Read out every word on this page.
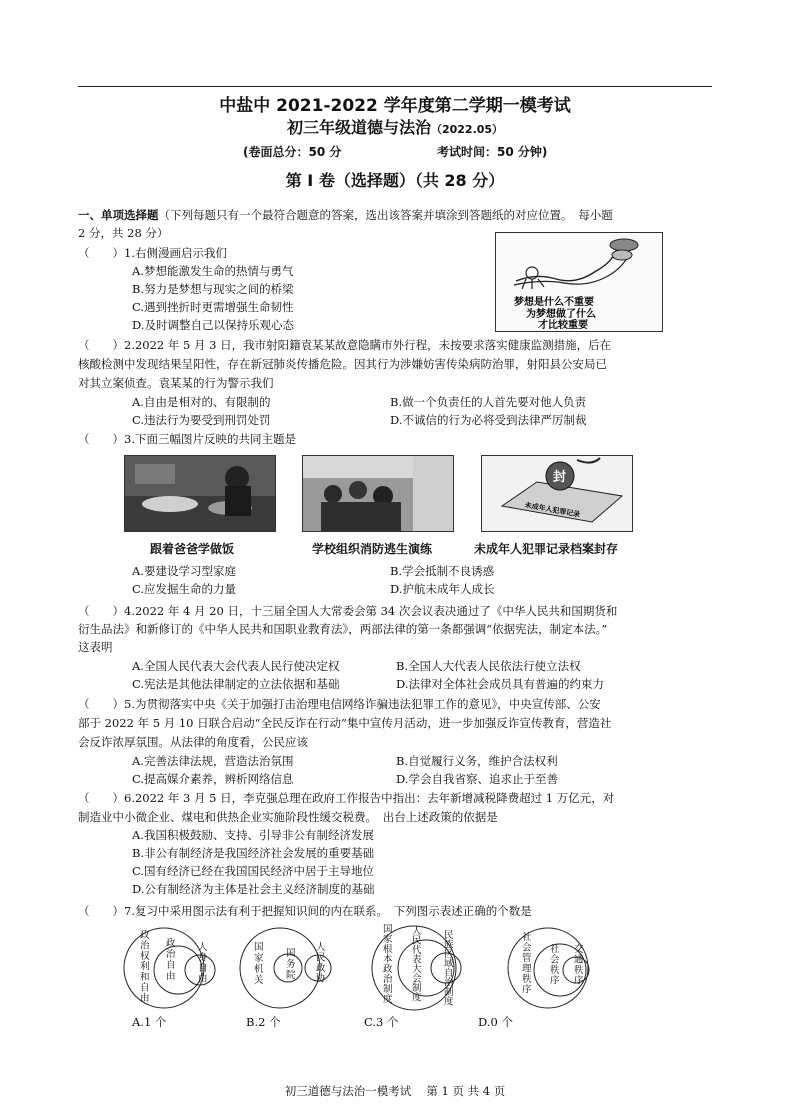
中盐中 2021-2022 学年度第二学期一模考试
初三年级道德与法治（2022.05）
(卷面总分：50 分	考试时间：50 分钟)
第 I 卷（选择题）（共 28 分）
一、单项选择题（下列每题只有一个最符合题意的答案，选出该答案并填涂到答题纸的对应位置。　每小题
2 分，共 28 分）
（　　）1.右侧漫画启示我们
A.梦想能激发生命的热情与勇气
B.努力是梦想与现实之间的桥梁
C.遇到挫折时更需增强生命韧性
D.及时调整自己以保持乐观心态
梦想是什么不重要
为梦想做了什么
才比较重要
（　　）2.2022 年 5 月 3 日，我市射阳籍袁某某故意隐瞒市外行程，未按要求落实健康监测措施，后在
核酸检测中发现结果呈阳性，存在新冠肺炎传播危险。因其行为涉嫌妨害传染病防治罪，射阳县公安局已
对其立案侦查。袁某某的行为警示我们
A.自由是相对的、有限制的	B.做一个负责任的人首先要对他人负责
C.违法行为要受到刑罚处罚	D.不诚信的行为必将受到法律严厉制裁
（　　）3.下面三幅图片反映的共同主题是
封
未成年人犯罪记录
跟着爸爸学做饭	学校组织消防逃生演练	未成年人犯罪记录档案封存
A.要建设学习型家庭	B.学会抵制不良诱惑
C.应发掘生命的力量	D.护航未成年人成长
（　　）4.2022 年 4 月 20 日，十三届全国人大常委会第 34 次会议表决通过了《中华人民共和国期货和
衍生品法》和新修订的《中华人民共和国职业教育法》，两部法律的第一条都强调“依据宪法，制定本法。”
这表明
A.全国人民代表大会代表人民行使决定权	B.全国人大代表人民依法行使立法权
C.宪法是其他法律制定的立法依据和基础	D.法律对全体社会成员具有普遍的约束力
（　　）5.为贯彻落实中央《关于加强打击治理电信网络诈骗违法犯罪工作的意见》，中央宣传部、公安
部于 2022 年 5 月 10 日联合启动“全民反诈在行动”集中宣传月活动，进一步加强反诈宣传教育，营造社
会反诈浓厚氛围。从法律的角度看，公民应该
A.完善法律法规，营造法治氛围	B.自觉履行义务，维护合法权利
C.提高媒介素养，辨析网络信息	D.学会自我省察、追求止于至善
（　　）6.2022 年 3 月 5 日，李克强总理在政府工作报告中指出：去年新增减税降费超过 1 万亿元，对
制造业中小微企业、煤电和供热企业实施阶段性缓交税费。　出台上述政策的依据是
A.我国积极鼓励、支持、引导非公有制经济发展
B.非公有制经济是我国经济社会发展的重要基础
C.国有经济已经在我国国民经济中居于主导地位
D.公有制经济为主体是社会主义经济制度的基础
（　　）7.复习中采用图示法有利于把握知识间的内在联系。　下列图示表述正确的个数是
政
治
权
利
和
自
由
政
治
自
由
人
身
自
由
国
家
机
关
国
务
院
人
民
政
协
国
家
根
本
政
治
制
度
人
民
代
表
大
会
制
度
民
族
区
域
自
治
制
度
社
会
管
理
秩
序
社
会
秩
序
交
通
秩
序
A.1 个	B.2 个	C.3 个	D.0 个
初三道德与法治一模考试　 第 1 页 共 4 页
